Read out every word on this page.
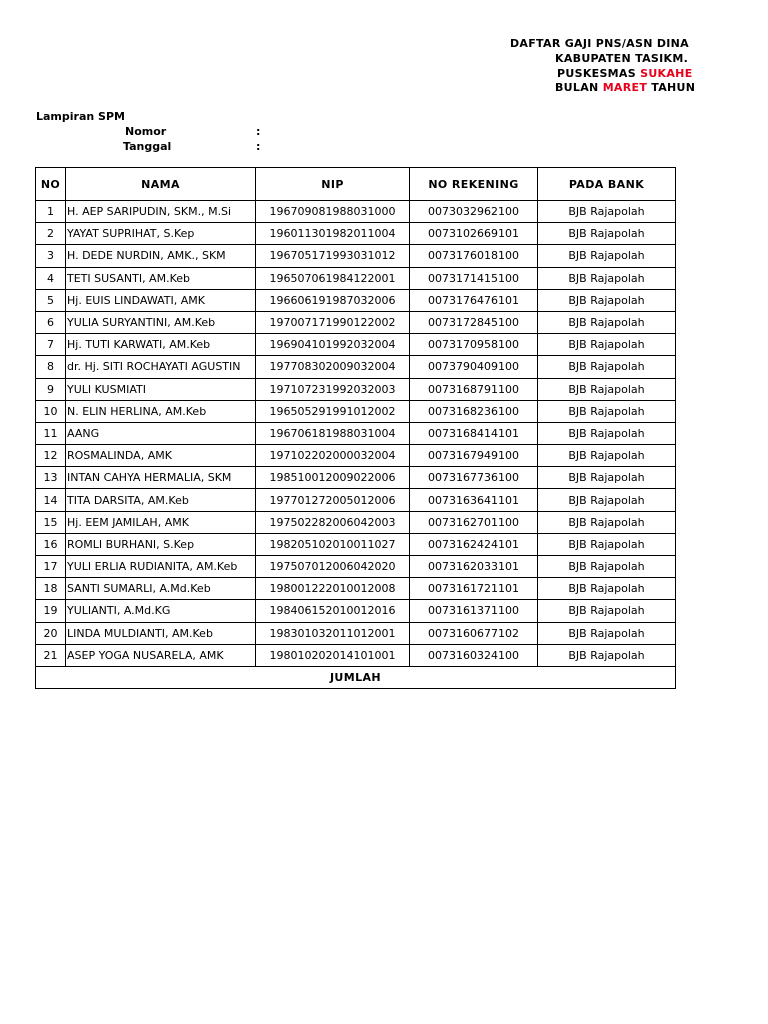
DAFTAR GAJI PNS/ASN DINA
KABUPATEN TASIKM.
PUSKESMAS SUKAHE
BULAN MARET TAHUN
Lampiran SPM
Nomor	:
Tanggal	:
NO	NAMA	NIP	NO REKENING	PADA BANK
1	H. AEP SARIPUDIN, SKM., M.Si	196709081988031000	0073032962100	BJB Rajapolah
2	YAYAT SUPRIHAT, S.Kep	196011301982011004	0073102669101	BJB Rajapolah
3	H. DEDE NURDIN, AMK., SKM	196705171993031012	0073176018100	BJB Rajapolah
4	TETI SUSANTI, AM.Keb	196507061984122001	0073171415100	BJB Rajapolah
5	Hj. EUIS LINDAWATI, AMK	196606191987032006	0073176476101	BJB Rajapolah
6	YULIA SURYANTINI, AM.Keb	197007171990122002	0073172845100	BJB Rajapolah
7	Hj. TUTI KARWATI, AM.Keb	196904101992032004	0073170958100	BJB Rajapolah
8	dr. Hj. SITI ROCHAYATI AGUSTIN	197708302009032004	0073790409100	BJB Rajapolah
9	YULI KUSMIATI	197107231992032003	0073168791100	BJB Rajapolah
10	N. ELIN HERLINA, AM.Keb	196505291991012002	0073168236100	BJB Rajapolah
11	AANG	196706181988031004	0073168414101	BJB Rajapolah
12	ROSMALINDA, AMK	197102202000032004	0073167949100	BJB Rajapolah
13	INTAN CAHYA HERMALIA, SKM	198510012009022006	0073167736100	BJB Rajapolah
14	TITA DARSITA, AM.Keb	197701272005012006	0073163641101	BJB Rajapolah
15	Hj. EEM JAMILAH, AMK	197502282006042003	0073162701100	BJB Rajapolah
16	ROMLI BURHANI, S.Kep	198205102010011027	0073162424101	BJB Rajapolah
17	YULI ERLIA RUDIANITA, AM.Keb	197507012006042020	0073162033101	BJB Rajapolah
18	SANTI SUMARLI, A.Md.Keb	198001222010012008	0073161721101	BJB Rajapolah
19	YULIANTI, A.Md.KG	198406152010012016	0073161371100	BJB Rajapolah
20	LINDA MULDIANTI, AM.Keb	198301032011012001	0073160677102	BJB Rajapolah
21	ASEP YOGA NUSARELA, AMK	198010202014101001	0073160324100	BJB Rajapolah
JUMLAH				
